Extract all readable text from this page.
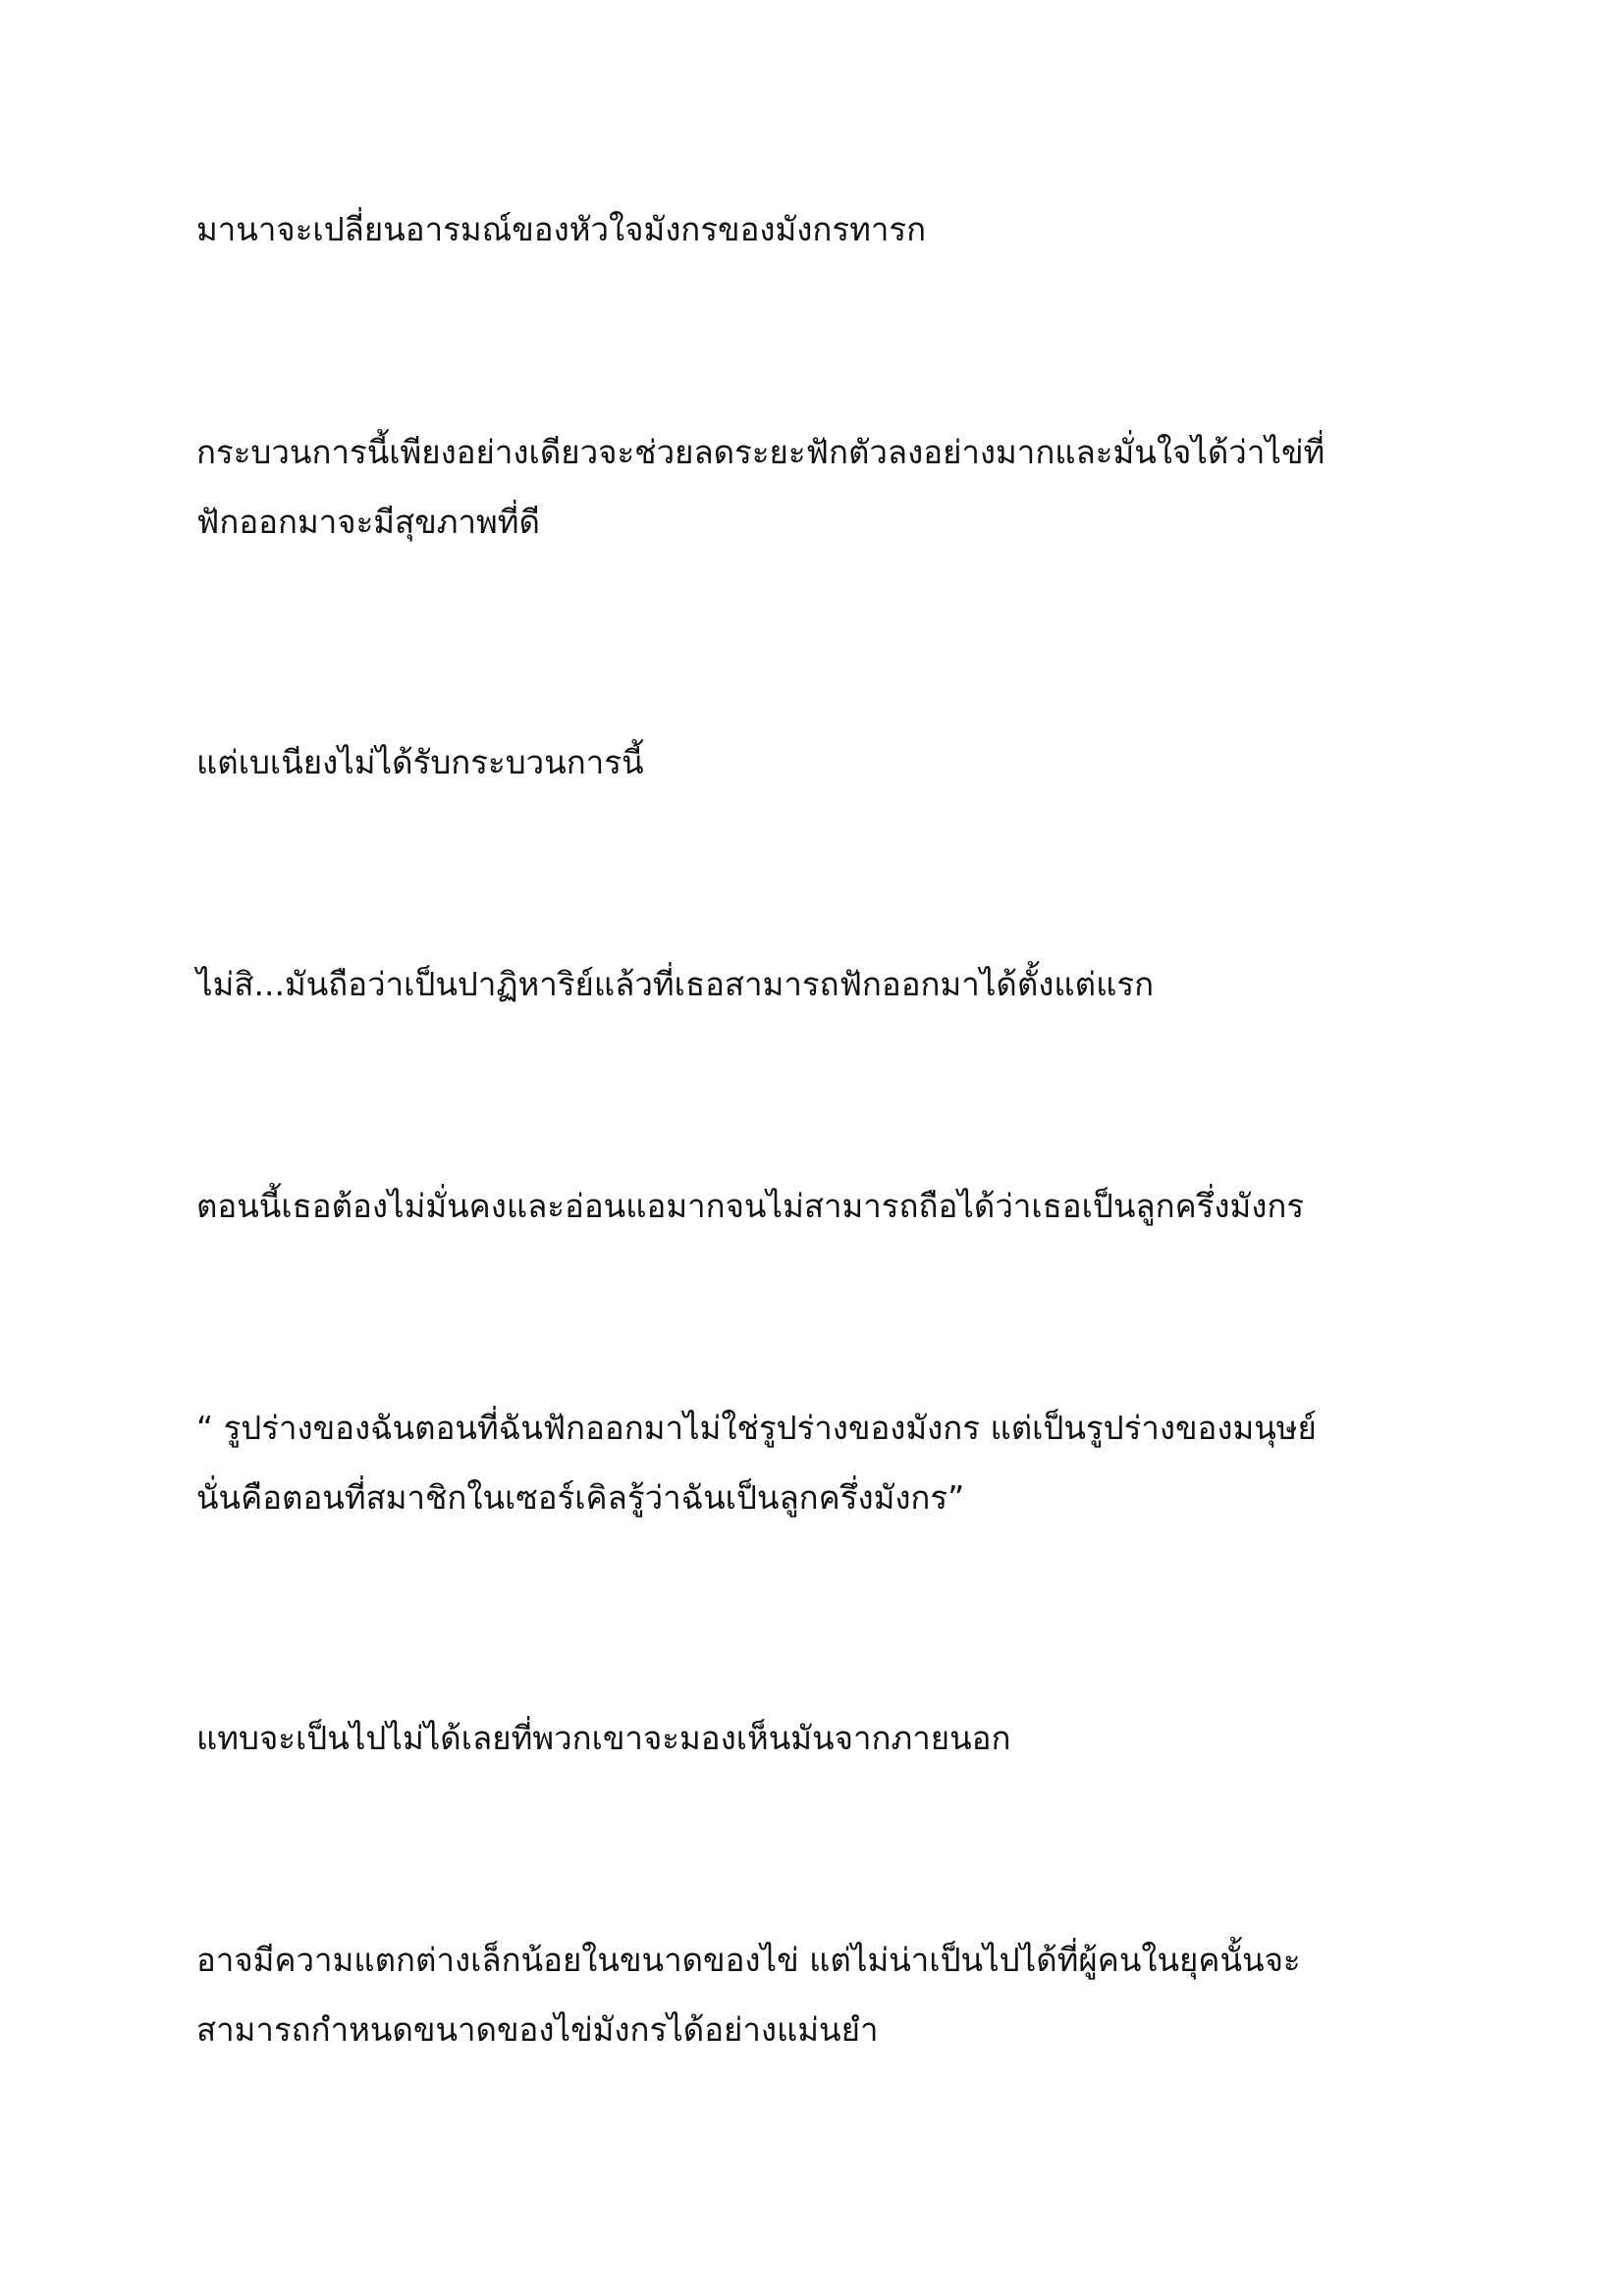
มานาจะเปลี่ยนอารมณ์ของหัวใจมังกรของมังกรทารก

กระบวนการนี้เพียงอย่างเดียวจะช่วยลดระยะฟักตัวลงอย่างมากและมั่นใจได้ว่าไข่ที่
ฟักออกมาจะมีสุขภาพที่ดี

แต่เบเนียงไม่ได้รับกระบวนการนี้

ไม่สิ...มันถือว่าเป็นปาฏิหาริย์แล้วที่เธอสามารถฟักออกมาได้ตั้งแต่แรก

ตอนนี้เธอต้องไม่มั่นคงและอ่อนแอมากจนไม่สามารถถือได้ว่าเธอเป็นลูกครึ่งมังกร

“ รูปร่างของฉันตอนที่ฉันฟักออกมาไม่ใช่รูปร่างของมังกร แต่เป็นรูปร่างของมนุษย์
นั่นคือตอนที่สมาชิกในเซอร์เคิลรู้ว่าฉันเป็นลูกครึ่งมังกร”

แทบจะเป็นไปไม่ได้เลยที่พวกเขาจะมองเห็นมันจากภายนอก

อาจมีความแตกต่างเล็กน้อยในขนาดของไข่ แต่ไม่น่าเป็นไปได้ที่ผู้คนในยุคนั้นจะ
สามารถกำหนดขนาดของไข่มังกรได้อย่างแม่นยำ
